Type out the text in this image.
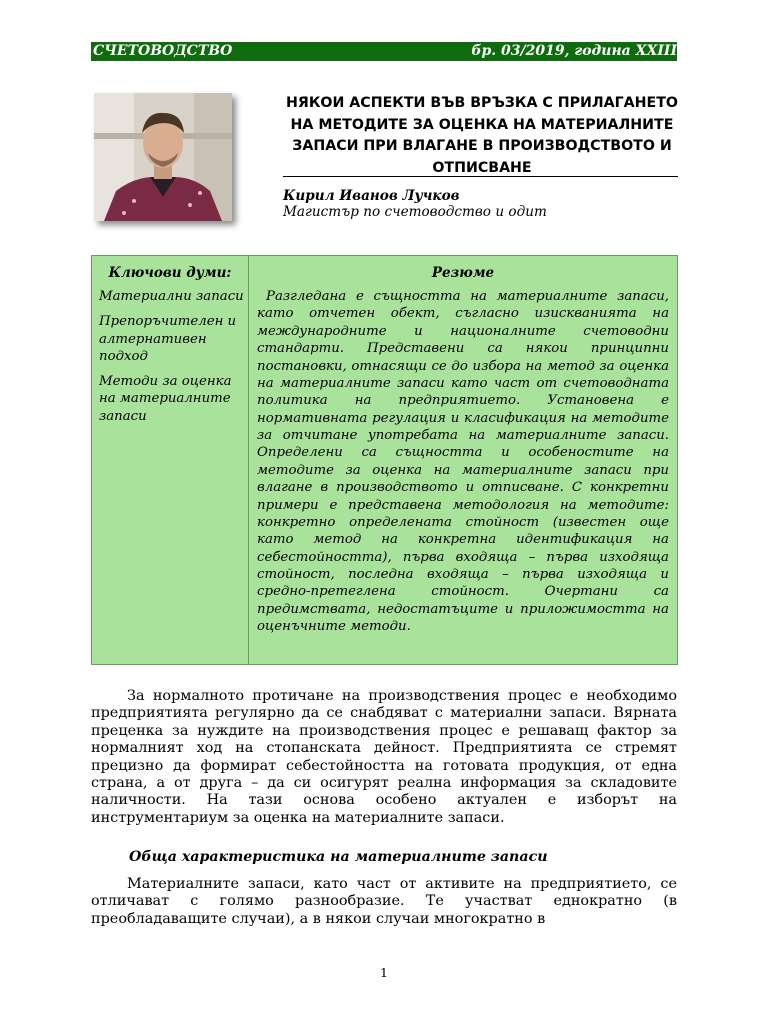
СЧЕТОВОДСТВО	бр. 03/2019, година XXIII
НЯКОИ АСПЕКТИ ВЪВ ВРЪЗКА С ПРИЛАГАНЕТО НА МЕТОДИТЕ ЗА ОЦЕНКА НА МАТЕРИАЛНИТЕ ЗАПАСИ ПРИ ВЛАГАНЕ В ПРОИЗВОДСТВОТО И ОТПИСВАНЕ
Кирил Иванов Лучков
Магистър по счетоводство и одит
Ключови думи:
Материални запаси
Препоръчителен и алтернативен подход
Методи за оценка на материалните запаси
Резюме
Разгледана е същността на материалните запаси, като отчетен обект, съгласно изискванията на международните и националните счетоводни стандарти. Представени са някои принципни постановки, отнасящи се до избора на метод за оценка на материалните запаси като част от счетоводната политика на предприятието. Установена е нормативната регулация и класификация на методите за отчитане употребата на материалните запаси. Определени са същността и особеностите на методите за оценка на материалните запаси при влагане в производството и отписване. С конкретни примери е представена методология на методите: конкретно определената стойност (известен още като метод на конкретна идентификация на себестойността), първа входяща – първа изходяща стойност, последна входяща – първа изходяща и средно-претеглена стойност. Очертани са предимствата, недостатъците и приложимостта на оценъчните методи.
За нормалното протичане на производствения процес е необходимо предприятията регулярно да се снабдяват с материални запаси. Вярната преценка за нуждите на производствения процес е решаващ фактор за нормалният ход на стопанската дейност. Предприятията се стремят прецизно да формират себестойността на готовата продукция, от една страна, а от друга – да си осигурят реална информация за складовите наличности. На тази основа особено актуален е изборът на инструментариум за оценка на материалните запаси.
Обща характеристика на материалните запаси
Материалните запаси, като част от активите на предприятието, се отличават с голямо разнообразие. Те участват еднократно (в преобладаващите случаи), а в някои случаи многократно в
1
